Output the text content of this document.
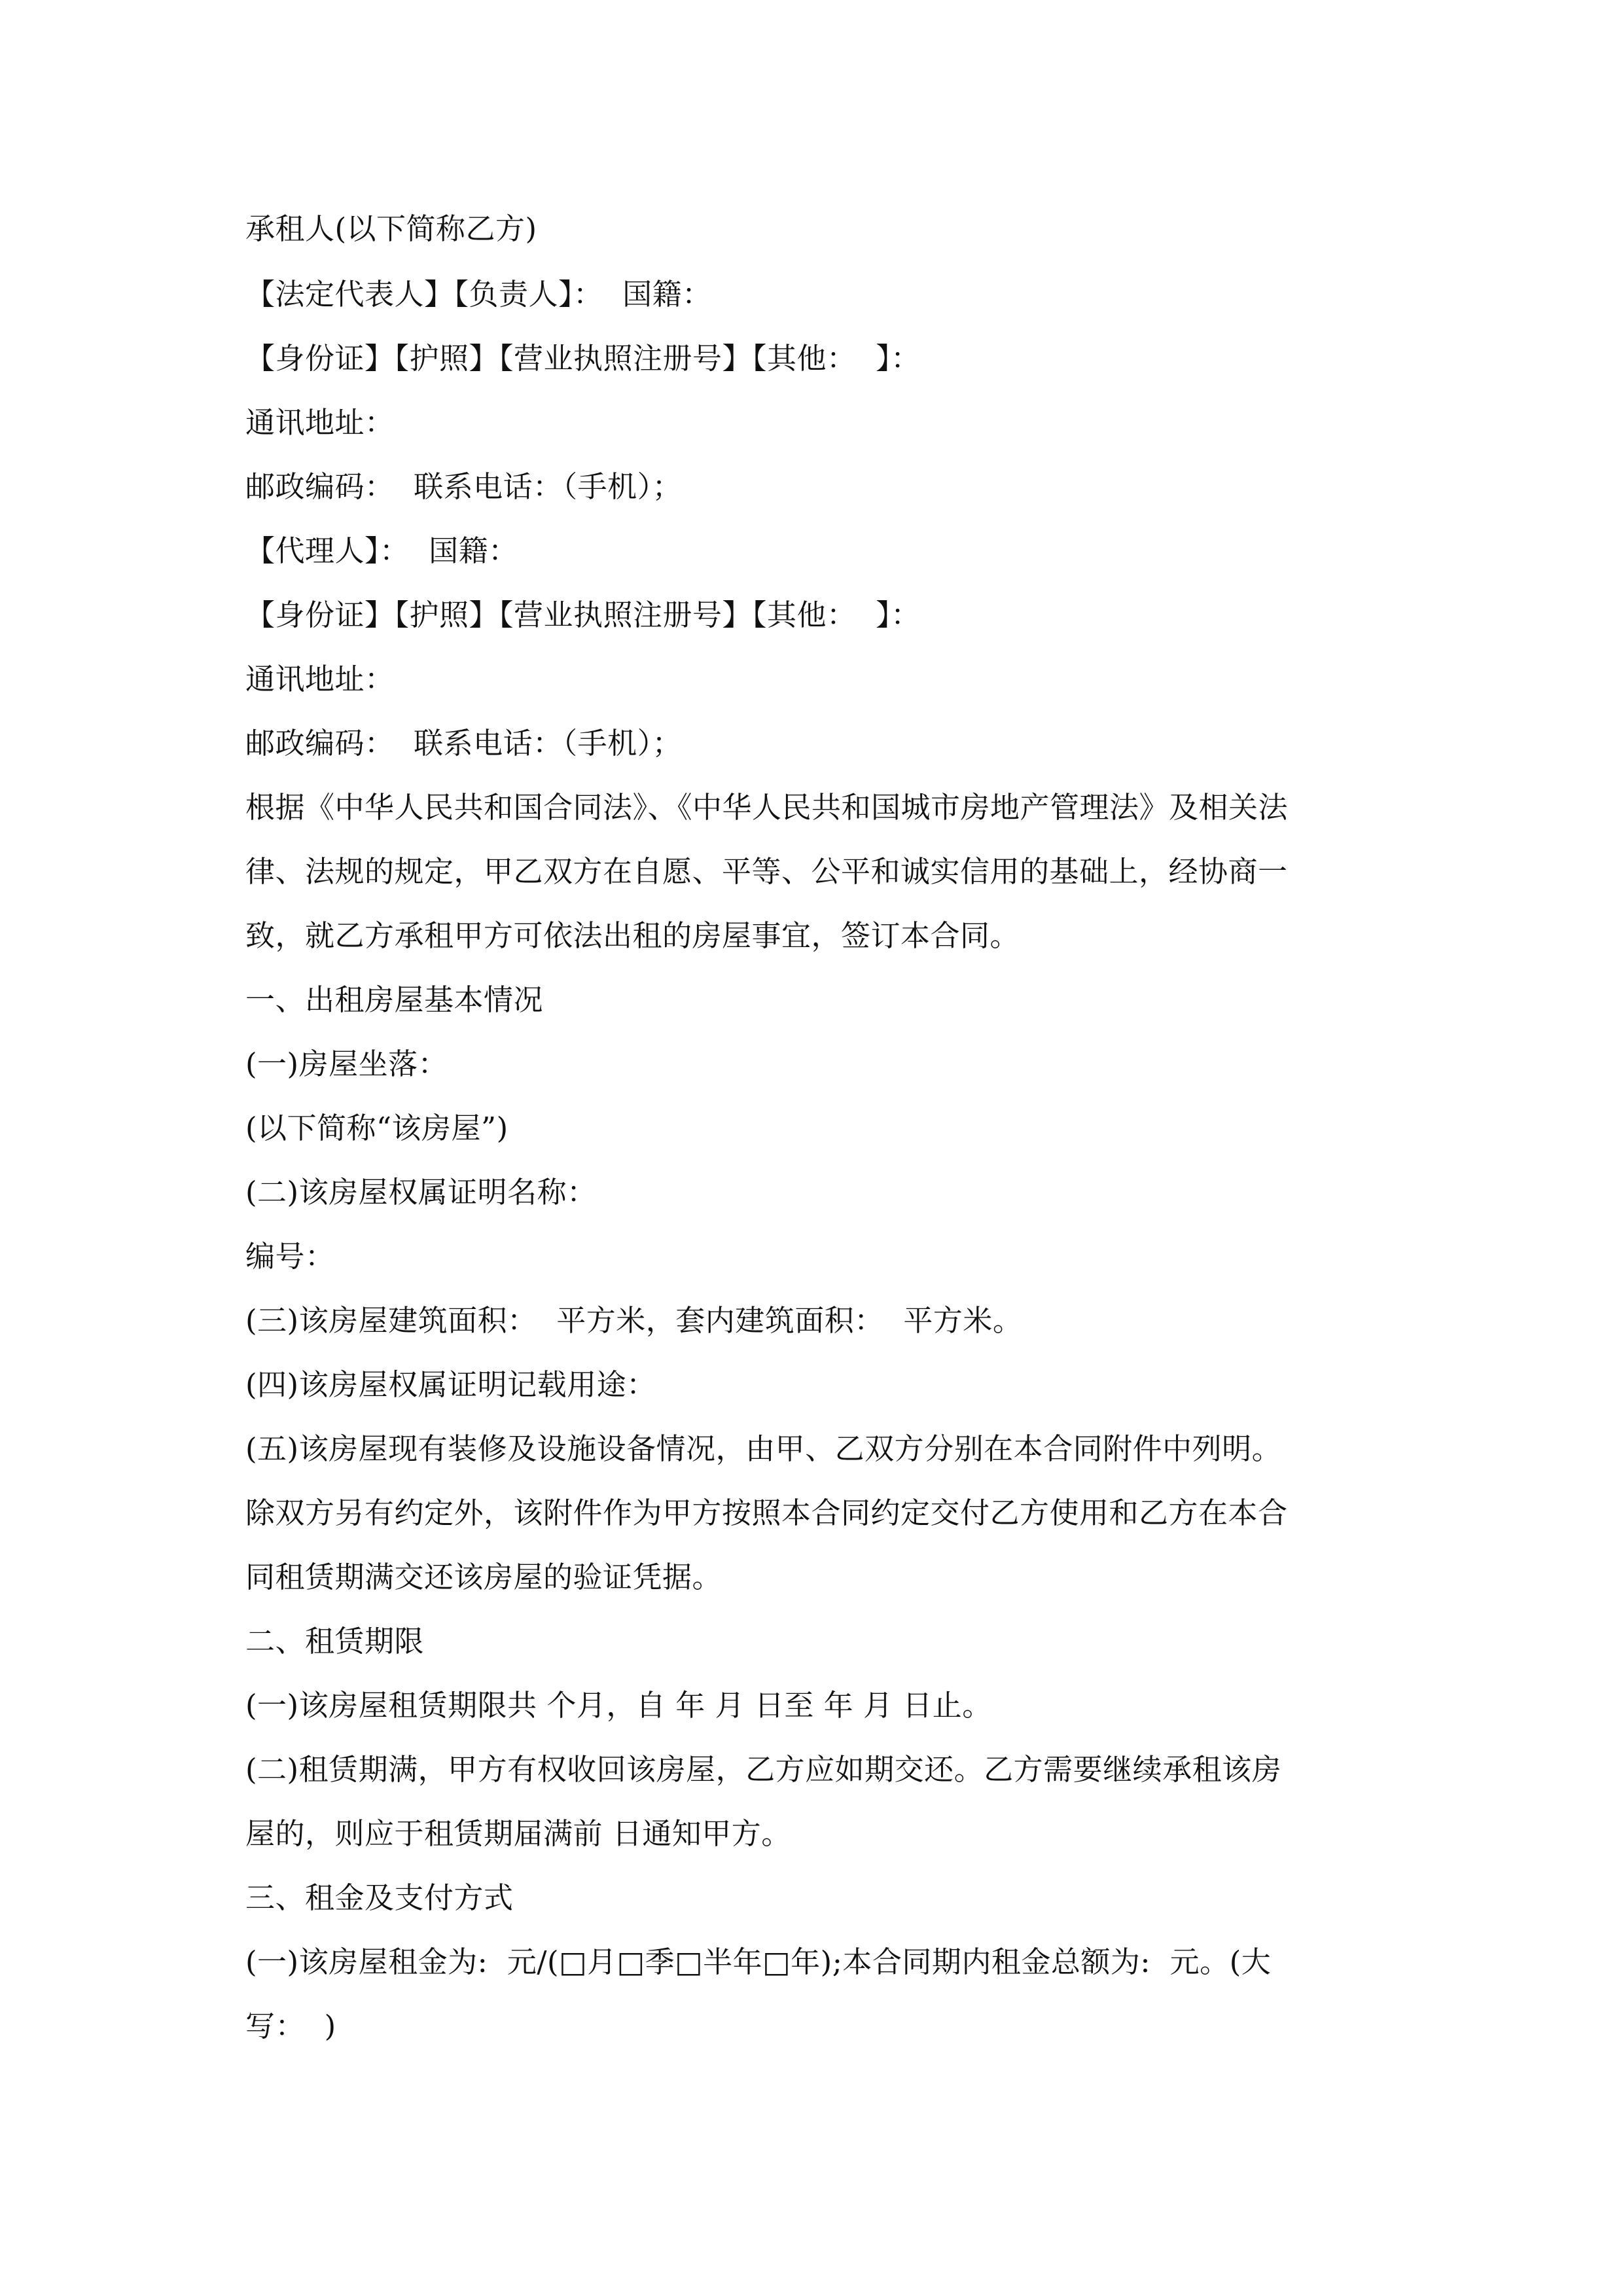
承租人(以下简称乙方)
【法定代表人】【负责人】：  国籍：
【身份证】【护照】【营业执照注册号】【其他：  】：
通讯地址：
邮政编码：  联系电话：（手机）；
【代理人】：  国籍：
【身份证】【护照】【营业执照注册号】【其他：  】：
通讯地址：
邮政编码：  联系电话：（手机）；
根据《中华人民共和国合同法》、《中华人民共和国城市房地产管理法》及相关法
律、法规的规定，甲乙双方在自愿、平等、公平和诚实信用的基础上，经协商一
致，就乙方承租甲方可依法出租的房屋事宜，签订本合同。
一、出租房屋基本情况
(一)房屋坐落：
(以下简称“该房屋”)
(二)该房屋权属证明名称：
编号：
(三)该房屋建筑面积：  平方米，套内建筑面积：  平方米。
(四)该房屋权属证明记载用途：
(五)该房屋现有装修及设施设备情况，由甲、乙双方分别在本合同附件中列明。
除双方另有约定外，该附件作为甲方按照本合同约定交付乙方使用和乙方在本合
同租赁期满交还该房屋的验证凭据。
二、租赁期限
(一)该房屋租赁期限共 个月，自 年 月 日至 年 月 日止。
(二)租赁期满，甲方有权收回该房屋，乙方应如期交还。乙方需要继续承租该房
屋的，则应于租赁期届满前 日通知甲方。
三、租金及支付方式
(一)该房屋租金为:  元/(□月□季□半年□年);本合同期内租金总额为:  元。(大
写：  )
